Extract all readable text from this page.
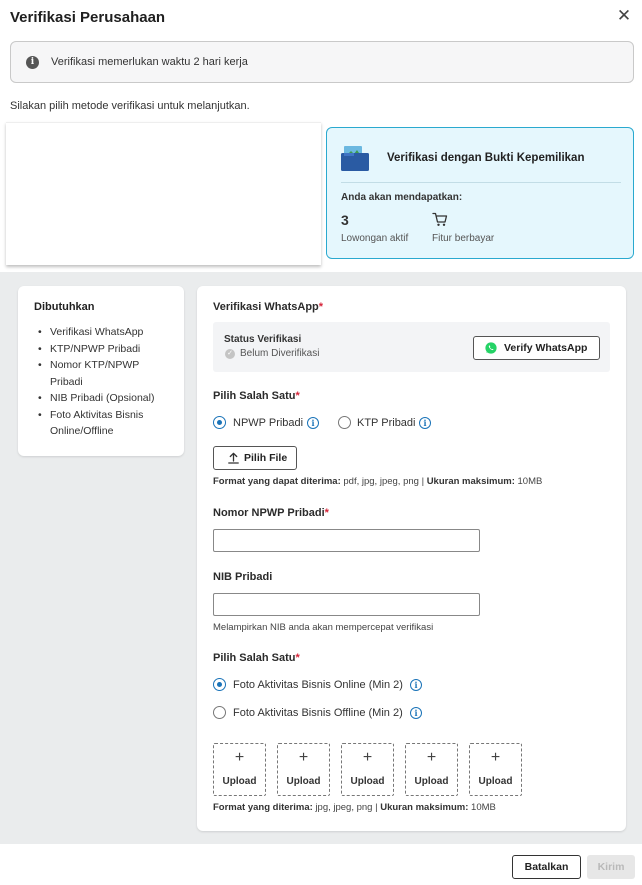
Verifikasi Perusahaan	✕
i	Verifikasi memerlukan waktu 2 hari kerja
Silakan pilih metode verifikasi untuk melanjutkan.
Verifikasi dengan Bukti Kepemilikan
Anda akan mendapatkan:
3
Lowongan aktif Fitur berbayar
Dibutuhkan
• Verifikasi WhatsApp
• KTP/NPWP Pribadi
• Nomor KTP/NPWP Pribadi
• NIB Pribadi (Opsional)
• Foto Aktivitas Bisnis Online/Offline
Verifikasi WhatsApp*
Status Verifikasi
✓ Belum Diverifikasi	Verify WhatsApp
Pilih Salah Satu*
NPWP Pribadi	i	KTP Pribadi i
Pilih File
Format yang dapat diterima: pdf, jpg, jpeg, png | Ukuran maksimum: 10MB
Nomor NPWP Pribadi*
NIB Pribadi
Melampirkan NIB anda akan mempercepat verifikasi
Pilih Salah Satu*
Foto Aktivitas Bisnis Online (Min 2)	i
Foto Aktivitas Bisnis Offline (Min 2)	i
+
Upload
+
Upload
+
Upload
+
Upload
+
Upload
Format yang diterima: jpg, jpeg, png | Ukuran maksimum: 10MB
Batalkan	Kirim
